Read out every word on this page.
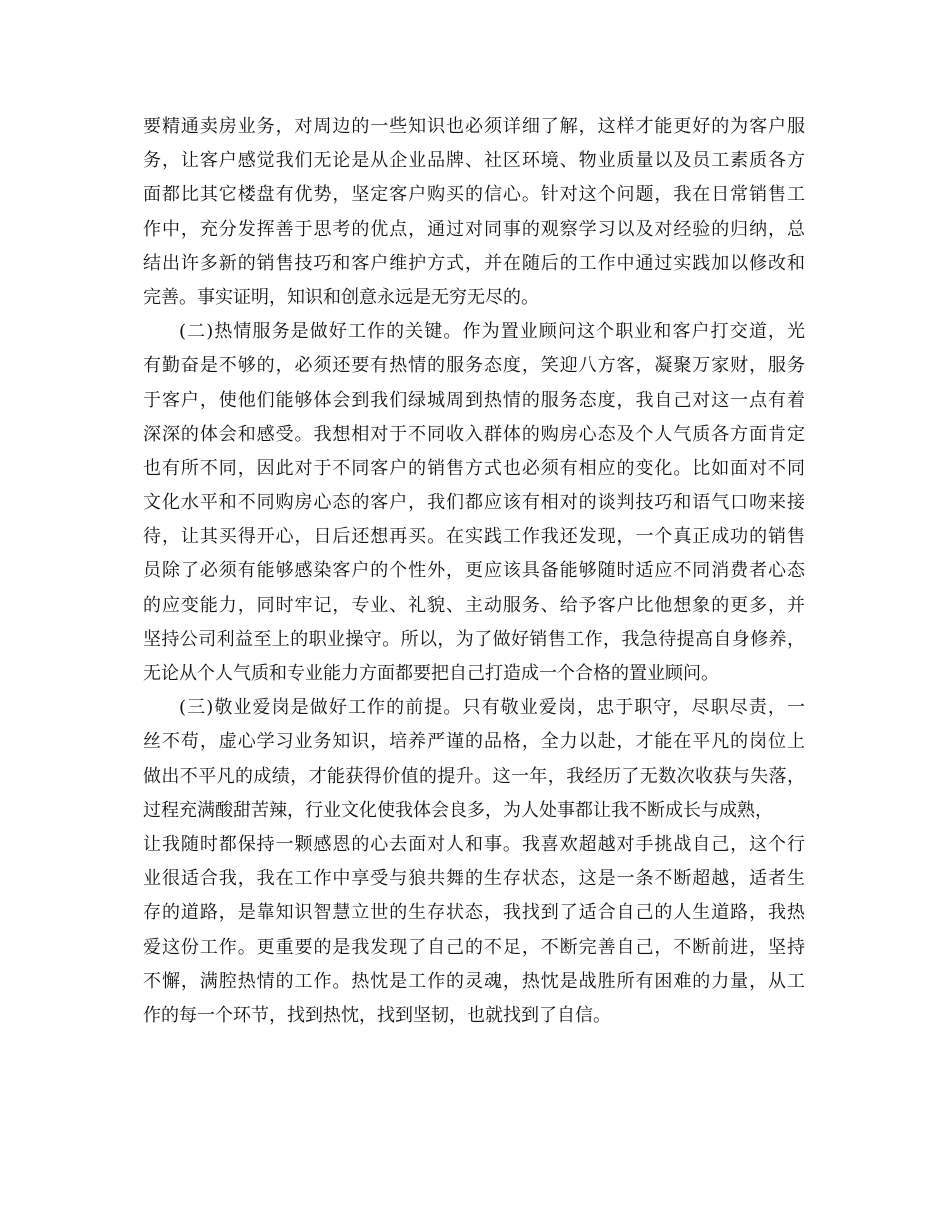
要精通卖房业务，对周边的一些知识也必须详细了解，这样才能更好的为客户服
务，让客户感觉我们无论是从企业品牌、社区环境、物业质量以及员工素质各方
面都比其它楼盘有优势，坚定客户购买的信心。针对这个问题，我在日常销售工
作中，充分发挥善于思考的优点，通过对同事的观察学习以及对经验的归纳，总
结出许多新的销售技巧和客户维护方式，并在随后的工作中通过实践加以修改和
完善。事实证明，知识和创意永远是无穷无尽的。
(二)热情服务是做好工作的关键。作为置业顾问这个职业和客户打交道，光
有勤奋是不够的，必须还要有热情的服务态度，笑迎八方客，凝聚万家财，服务
于客户，使他们能够体会到我们绿城周到热情的服务态度，我自己对这一点有着
深深的体会和感受。我想相对于不同收入群体的购房心态及个人气质各方面肯定
也有所不同，因此对于不同客户的销售方式也必须有相应的变化。比如面对不同
文化水平和不同购房心态的客户，我们都应该有相对的谈判技巧和语气口吻来接
待，让其买得开心，日后还想再买。在实践工作我还发现，一个真正成功的销售
员除了必须有能够感染客户的个性外，更应该具备能够随时适应不同消费者心态
的应变能力，同时牢记，专业、礼貌、主动服务、给予客户比他想象的更多，并
坚持公司利益至上的职业操守。所以，为了做好销售工作，我急待提高自身修养，
无论从个人气质和专业能力方面都要把自己打造成一个合格的置业顾问。
(三)敬业爱岗是做好工作的前提。只有敬业爱岗，忠于职守，尽职尽责，一
丝不苟，虚心学习业务知识，培养严谨的品格，全力以赴，才能在平凡的岗位上
做出不平凡的成绩，才能获得价值的提升。这一年，我经历了无数次收获与失落，
过程充满酸甜苦辣，行业文化使我体会良多，为人处事都让我不断成长与成熟，
让我随时都保持一颗感恩的心去面对人和事。我喜欢超越对手挑战自己，这个行
业很适合我，我在工作中享受与狼共舞的生存状态，这是一条不断超越，适者生
存的道路，是靠知识智慧立世的生存状态，我找到了适合自己的人生道路，我热
爱这份工作。更重要的是我发现了自己的不足，不断完善自己，不断前进，坚持
不懈，满腔热情的工作。热忱是工作的灵魂，热忱是战胜所有困难的力量，从工
作的每一个环节，找到热忱，找到坚韧，也就找到了自信。
